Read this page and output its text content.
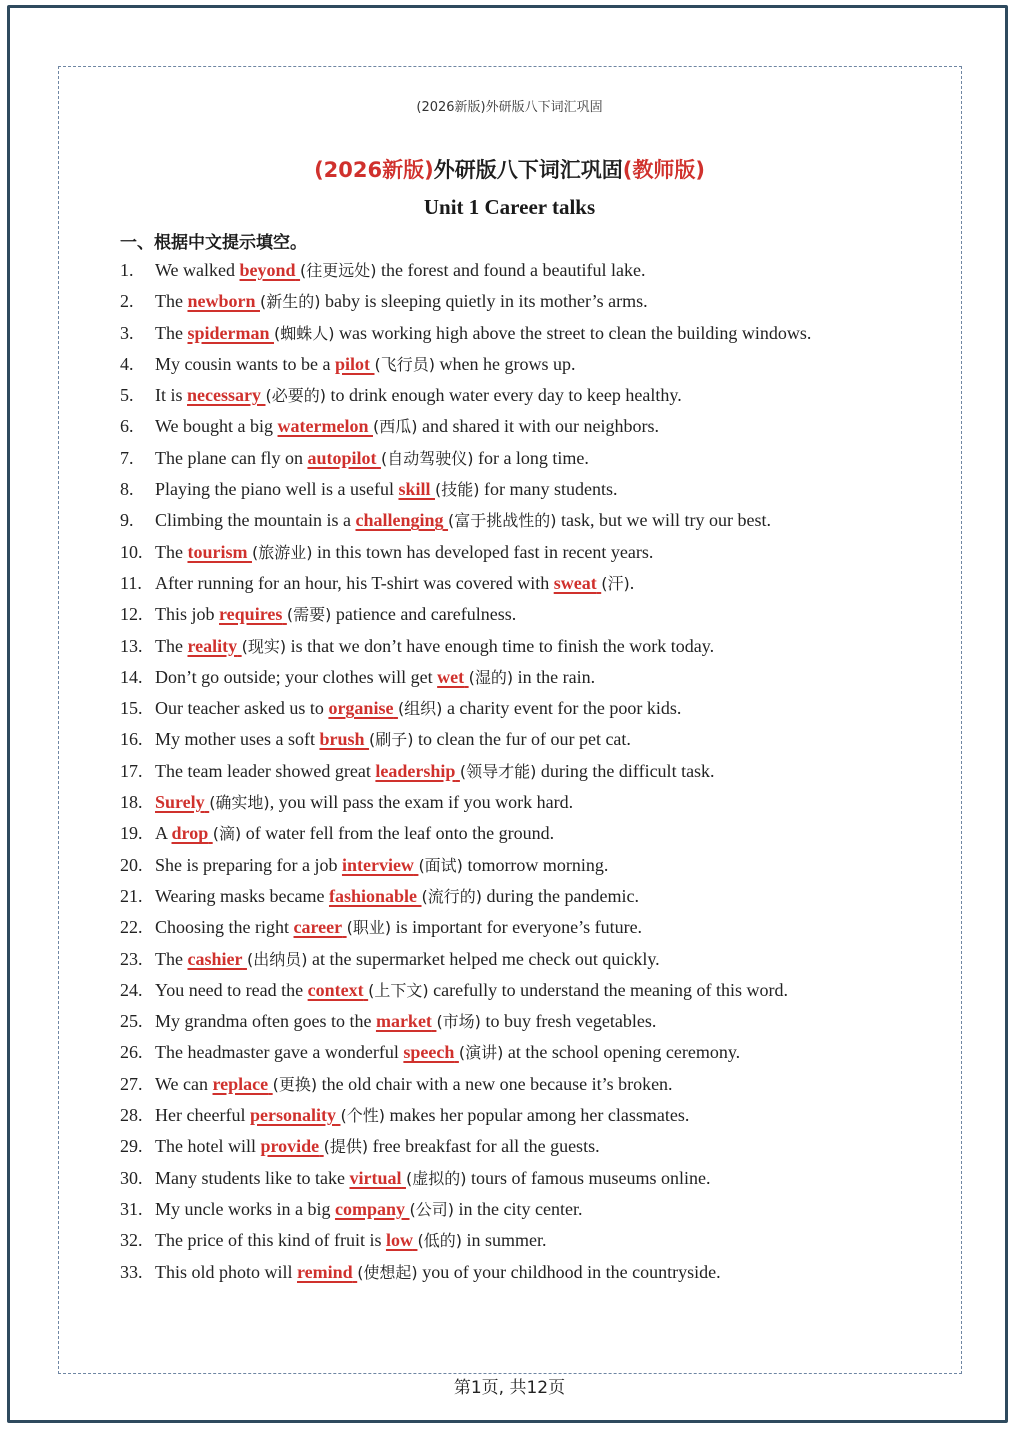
(2026新版)外研版八下词汇巩固
(2026新版)外研版八下词汇巩固(教师版)
Unit 1 Career talks
一、根据中文提示填空。
1. We walked beyond (往更远处) the forest and found a beautiful lake.
2. The newborn (新生的) baby is sleeping quietly in its mother’s arms.
3. The spiderman (蜘蛛人) was working high above the street to clean the building windows.
4. My cousin wants to be a pilot (飞行员) when he grows up.
5. It is necessary (必要的) to drink enough water every day to keep healthy.
6. We bought a big watermelon (西瓜) and shared it with our neighbors.
7. The plane can fly on autopilot (自动驾驶仪) for a long time.
8. Playing the piano well is a useful skill (技能) for many students.
9. Climbing the mountain is a challenging (富于挑战性的) task, but we will try our best.
10. The tourism (旅游业) in this town has developed fast in recent years.
11. After running for an hour, his T-shirt was covered with sweat (汗).
12. This job requires (需要) patience and carefulness.
13. The reality (现实) is that we don’t have enough time to finish the work today.
14. Don’t go outside; your clothes will get wet (湿的) in the rain.
15. Our teacher asked us to organise (组织) a charity event for the poor kids.
16. My mother uses a soft brush (刷子) to clean the fur of our pet cat.
17. The team leader showed great leadership (领导才能) during the difficult task.
18. Surely (确实地), you will pass the exam if you work hard.
19. A drop (滴) of water fell from the leaf onto the ground.
20. She is preparing for a job interview (面试) tomorrow morning.
21. Wearing masks became fashionable (流行的) during the pandemic.
22. Choosing the right career (职业) is important for everyone’s future.
23. The cashier (出纳员) at the supermarket helped me check out quickly.
24. You need to read the context (上下文) carefully to understand the meaning of this word.
25. My grandma often goes to the market (市场) to buy fresh vegetables.
26. The headmaster gave a wonderful speech (演讲) at the school opening ceremony.
27. We can replace (更换) the old chair with a new one because it’s broken.
28. Her cheerful personality (个性) makes her popular among her classmates.
29. The hotel will provide (提供) free breakfast for all the guests.
30. Many students like to take virtual (虚拟的) tours of famous museums online.
31. My uncle works in a big company (公司) in the city center.
32. The price of this kind of fruit is low (低的) in summer.
33. This old photo will remind (使想起) you of your childhood in the countryside.
第1页, 共12页
